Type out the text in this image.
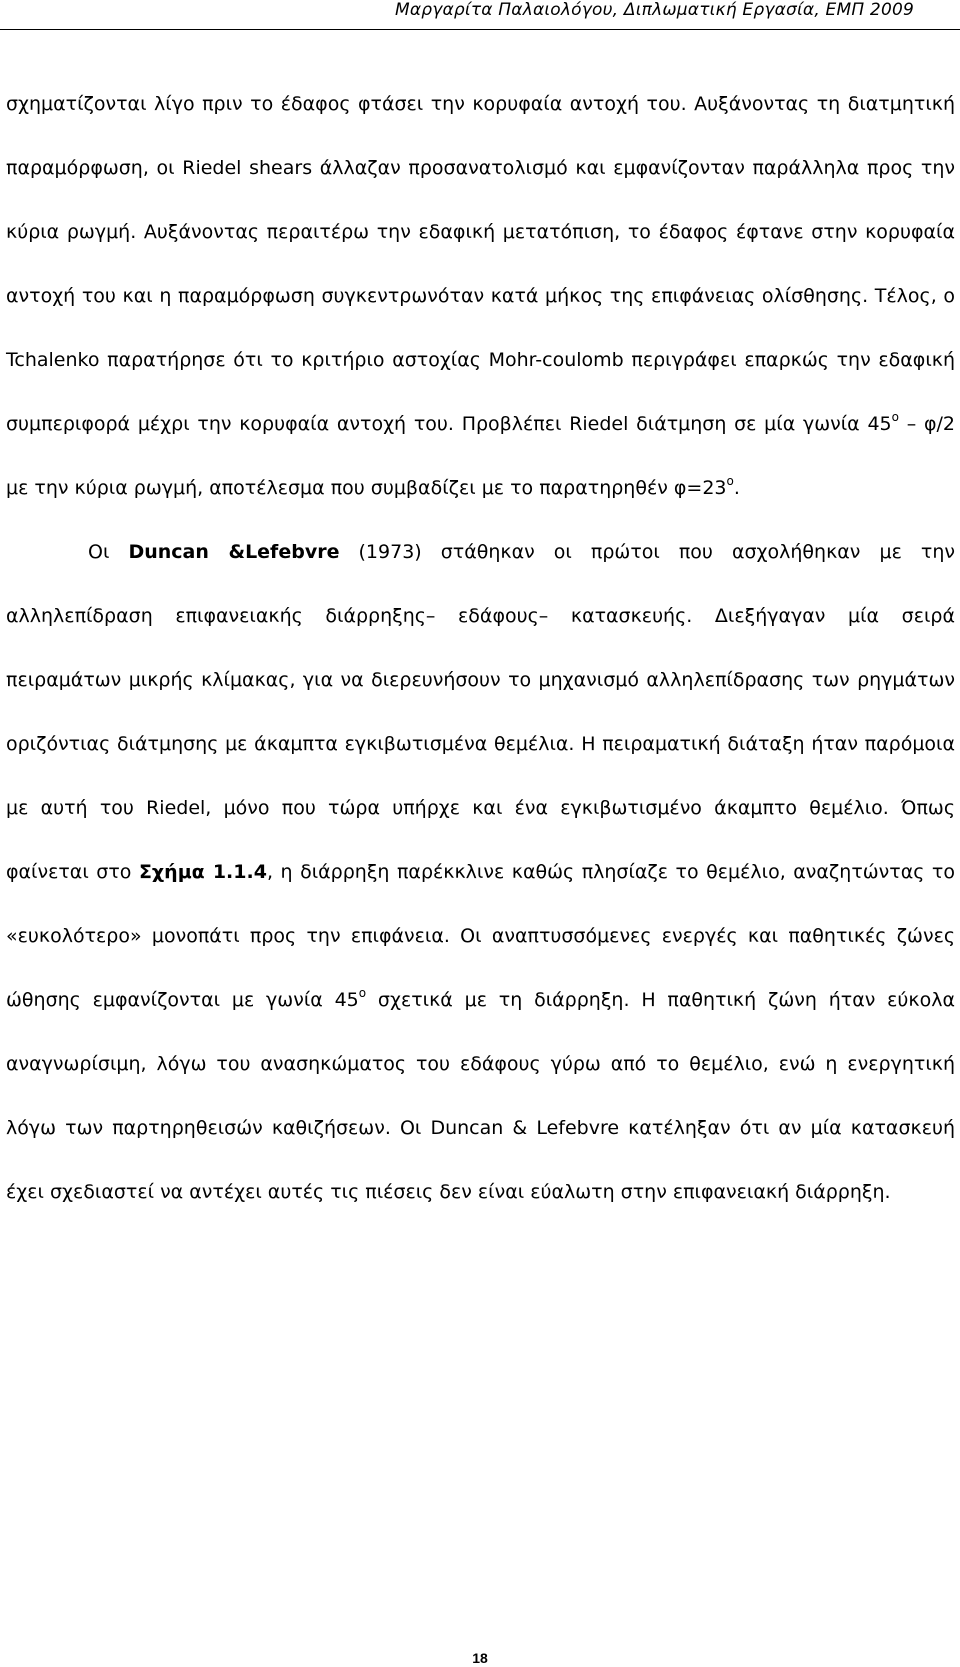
Μαργαρίτα Παλαιολόγου, Διπλωματική Εργασία, ΕΜΠ 2009

σχηματίζονται λίγο πριν το έδαφος φτάσει την κορυφαία αντοχή του. Αυξάνοντας τη διατμητική παραμόρφωση, οι Riedel shears άλλαζαν προσανατολισμό και εμφανίζονταν παράλληλα προς την κύρια ρωγμή. Αυξάνοντας περαιτέρω την εδαφική μετατόπιση, το έδαφος έφτανε στην κορυφαία αντοχή του και η παραμόρφωση συγκεντρωνόταν κατά μήκος της επιφάνειας ολίσθησης. Τέλος, ο Tchalenko παρατήρησε ότι το κριτήριο αστοχίας Mohr-coulomb περιγράφει επαρκώς την εδαφική συμπεριφορά μέχρι την κορυφαία αντοχή του. Προβλέπει Riedel διάτμηση σε μία γωνία 45$^o$ – φ/2 με την κύρια ρωγμή, αποτέλεσμα που συμβαδίζει με το παρατηρηθέν $\varphi=23^o$.

Οι Duncan &Lefebvre (1973) στάθηκαν οι πρώτοι που ασχολήθηκαν με την αλληλεπίδραση επιφανειακής διάρρηξης– εδάφους– κατασκευής. Διεξήγαγαν μία σειρά πειραμάτων μικρής κλίμακας, για να διερευνήσουν το μηχανισμό αλληλεπίδρασης των ρηγμάτων οριζόντιας διάτμησης με άκαμπτα εγκιβωτισμένα θεμέλια. Η πειραματική διάταξη ήταν παρόμοια με αυτή του Riedel, μόνο που τώρα υπήρχε και ένα εγκιβωτισμένο άκαμπτο θεμέλιο. Όπως φαίνεται στο Σχήμα 1.1.4, η διάρρηξη παρέκκλινε καθώς πλησίαζε το θεμέλιο, αναζητώντας το «ευκολότερο» μονοπάτι προς την επιφάνεια. Οι αναπτυσσόμενες ενεργές και παθητικές ζώνες ώθησης εμφανίζονται με γωνία 45$^o$ σχετικά με τη διάρρηξη. Η παθητική ζώνη ήταν εύκολα αναγνωρίσιμη, λόγω του ανασηκώματος του εδάφους γύρω από το θεμέλιο, ενώ η ενεργητική λόγω των παρτηρηθεισών καθιζήσεων. Οι Duncan & Lefebvre κατέληξαν ότι αν μία κατασκευή έχει σχεδιαστεί να αντέχει αυτές τις πιέσεις δεν είναι εύαλωτη στην επιφανειακή διάρρηξη.

18
